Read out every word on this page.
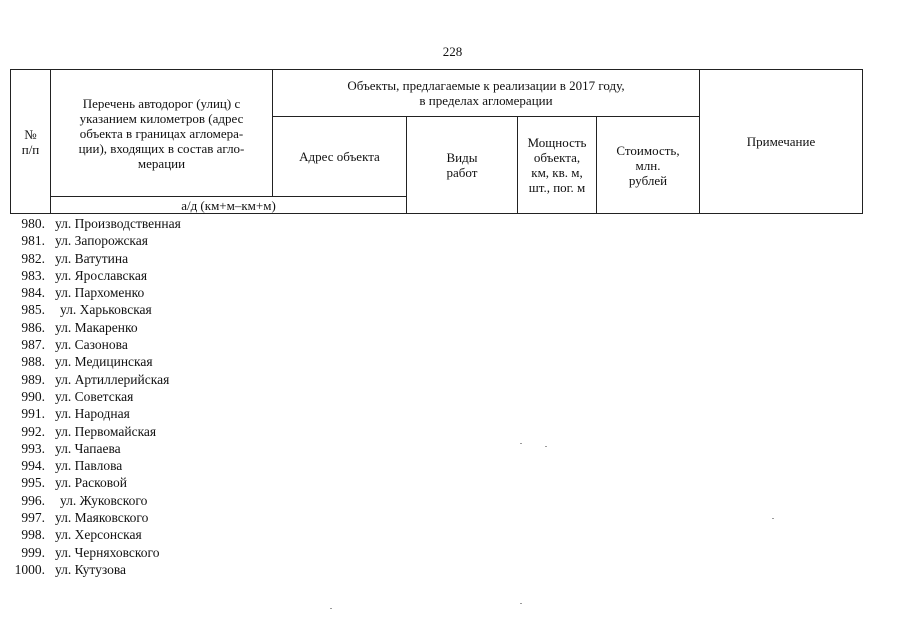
228
№
п/п
Перечень автодорог (улиц) с
указанием километров (адрес
объекта в границах агломера-
ции), входящих в состав агло-
мерации
а/д (км+м–км+м)
Объекты, предлагаемые к реализации в 2017 году,
в пределах агломерации
Адрес объекта	Виды
работ
Мощность
объекта,
км, кв. м,
шт., пог. м
Стоимость,
млн.
рублей
Примечание
980. ул. Производственная
981. ул. Запорожская
982. ул. Ватутина
983. ул. Ярославская
984. ул. Пархоменко
985. ул. Харьковская
986. ул. Макаренко
987. ул. Сазонова
988. ул. Медицинская
989. ул. Артиллерийская
990. ул. Советская
991. ул. Народная
992. ул. Первомайская
993. ул. Чапаева
994. ул. Павлова
995. ул. Расковой
996. ул. Жуковского
997. ул. Маяковского
998. ул. Херсонская
999. ул. Черняховского
1000. ул. Кутузова
